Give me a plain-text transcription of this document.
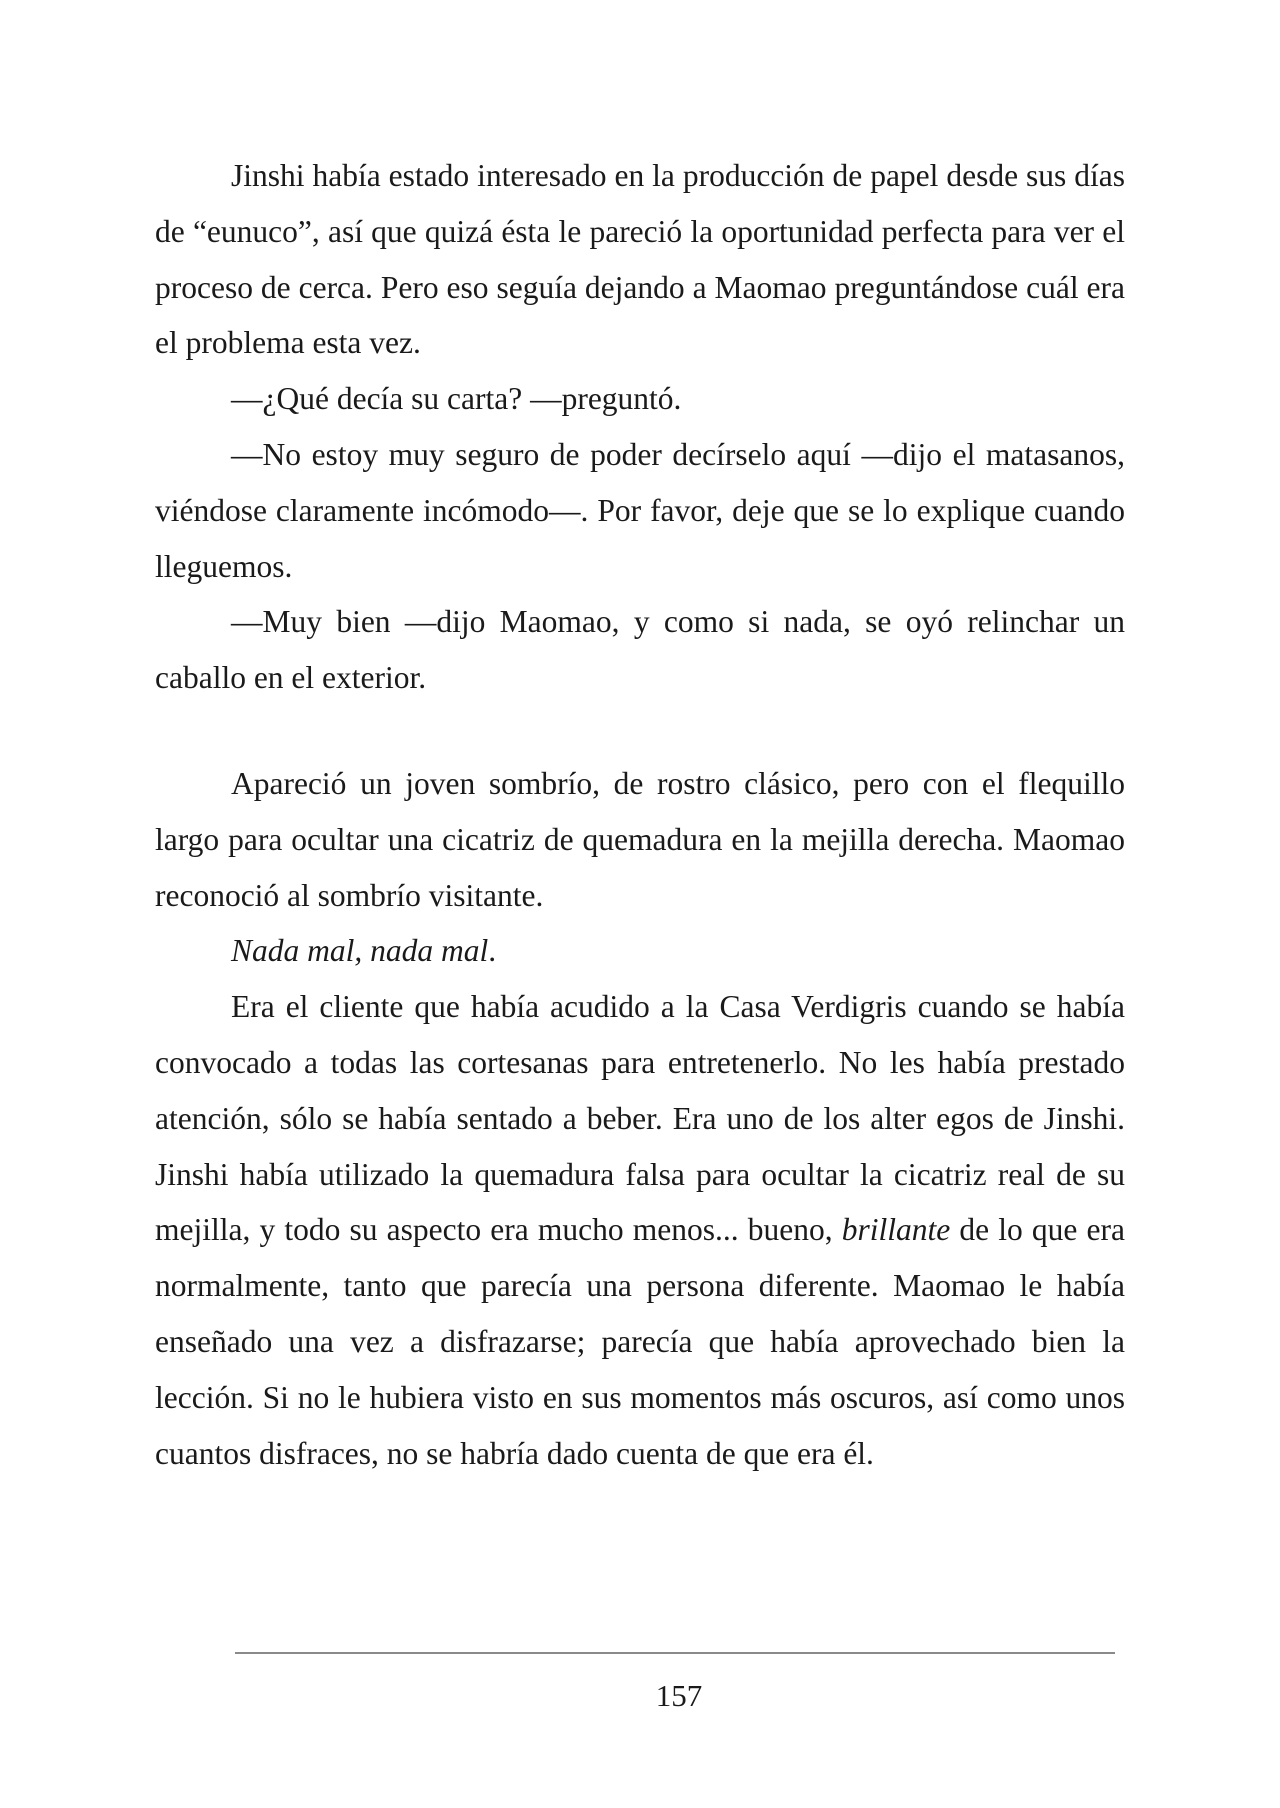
Jinshi había estado interesado en la producción de papel desde sus días de “eunuco”, así que quizá ésta le pareció la oportunidad perfecta para ver el proceso de cerca. Pero eso seguía dejando a Maomao preguntándose cuál era el problema esta vez.

—¿Qué decía su carta? —preguntó.

—No estoy muy seguro de poder decírselo aquí —dijo el matasanos, viéndose claramente incómodo—. Por favor, deje que se lo explique cuando lleguemos.

—Muy bien —dijo Maomao, y como si nada, se oyó relinchar un caballo en el exterior.

Apareció un joven sombrío, de rostro clásico, pero con el flequillo largo para ocultar una cicatriz de quemadura en la mejilla derecha. Maomao reconoció al sombrío visitante.

Nada mal, nada mal.

Era el cliente que había acudido a la Casa Verdigris cuando se había convocado a todas las cortesanas para entretenerlo. No les había prestado atención, sólo se había sentado a beber. Era uno de los alter egos de Jinshi. Jinshi había utilizado la quemadura falsa para ocultar la cicatriz real de su mejilla, y todo su aspecto era mucho menos... bueno, brillante de lo que era normalmente, tanto que parecía una persona diferente. Maomao le había enseñado una vez a disfrazarse; parecía que había aprovechado bien la lección. Si no le hubiera visto en sus momentos más oscuros, así como unos cuantos disfraces, no se habría dado cuenta de que era él.

157
